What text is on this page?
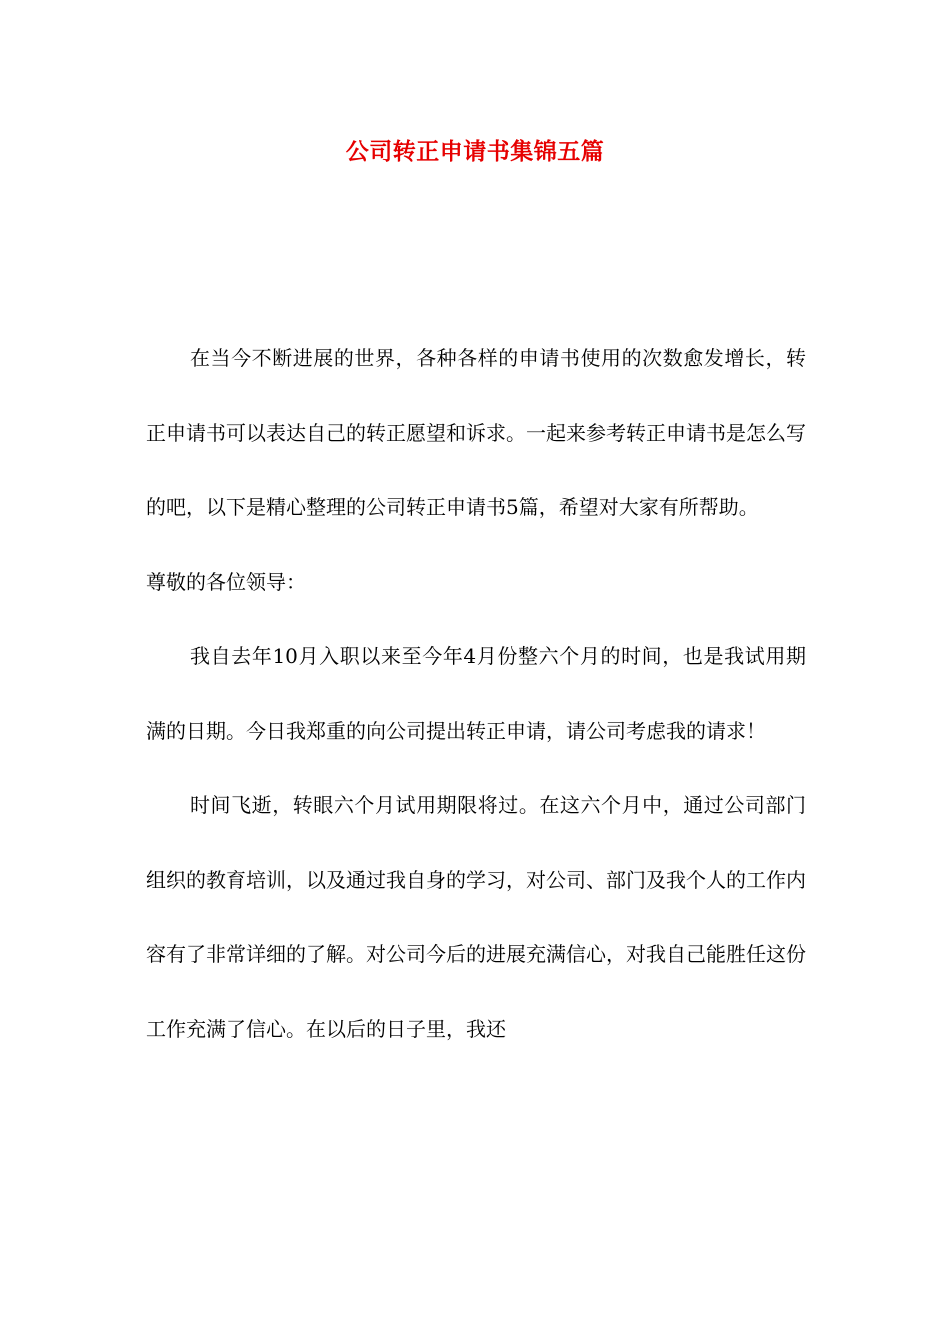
公司转正申请书集锦五篇

在当今不断进展的世界，各种各样的申请书使用的次数愈发增长，转正申请书可以表达自己的转正愿望和诉求。一起来参考转正申请书是怎么写的吧，以下是精心整理的公司转正申请书5篇，希望对大家有所帮助。

尊敬的各位领导：

我自去年10月入职以来至今年4月份整六个月的时间，也是我试用期满的日期。今日我郑重的向公司提出转正申请，请公司考虑我的请求！

时间飞逝，转眼六个月试用期限将过。在这六个月中，通过公司部门组织的教育培训，以及通过我自身的学习，对公司、部门及我个人的工作内容有了非常详细的了解。对公司今后的进展充满信心，对我自己能胜任这份工作充满了信心。在以后的日子里，我还
